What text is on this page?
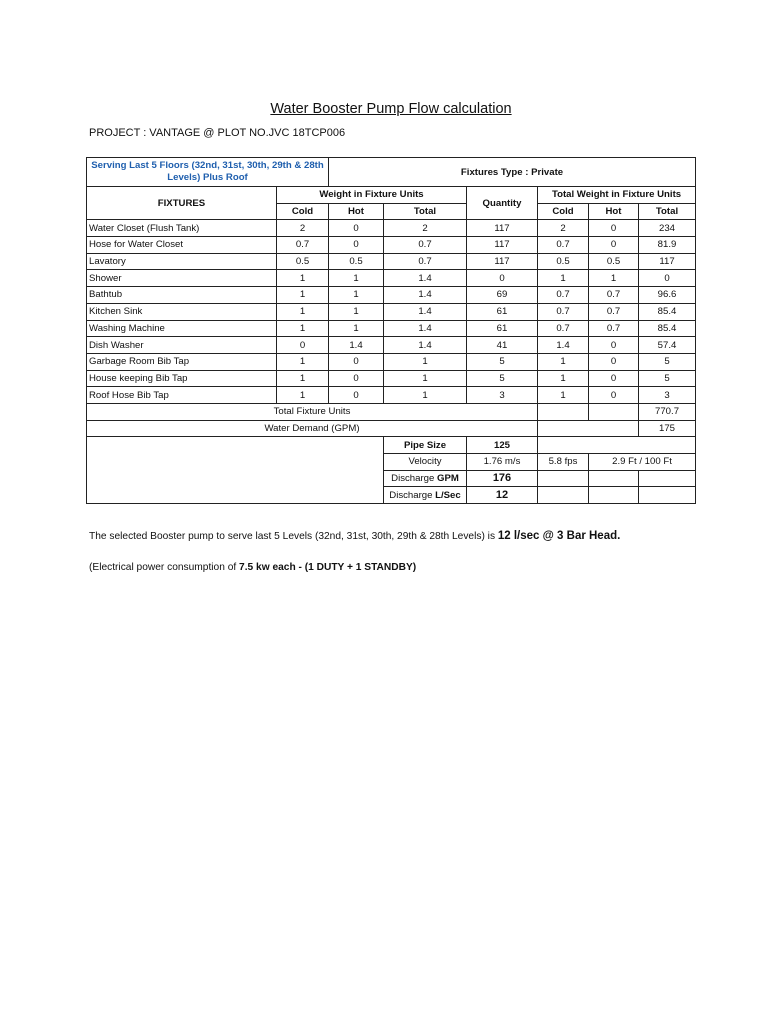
Water Booster Pump Flow calculation
PROJECT : VANTAGE @ PLOT NO.JVC 18TCP006
Serving Last 5 Floors (32nd, 31st, 30th, 29th & 28th Levels) Plus Roof		Fixtures Type : Private					
FIXTURES	Weight in Fixture Units			Quantity	Total Weight in Fixture Units		
	Cold	Hot	Total		Cold	Hot	Total
Water Closet (Flush Tank)	2	0	2	117	2	0	234
Hose for Water Closet	0.7	0	0.7	117	0.7	0	81.9
Lavatory	0.5	0.5	0.7	117	0.5	0.5	117
Shower	1	1	1.4	0	1	1	0
Bathtub	1	1	1.4	69	0.7	0.7	96.6
Kitchen Sink	1	1	1.4	61	0.7	0.7	85.4
Washing Machine	1	1	1.4	61	0.7	0.7	85.4
Dish Washer	0	1.4	1.4	41	1.4	0	57.4
Garbage Room Bib Tap	1	0	1	5	1	0	5
House keeping Bib Tap	1	0	1	5	1	0	5
Roof Hose Bib Tap	1	0	1	3	1	0	3
Total Fixture Units							770.7
Water Demand (GPM)							175
			Pipe Size	125			
			Velocity	1.76 m/s	5.8 fps	2.9 Ft / 100 Ft	
			Discharge GPM	176			
			Discharge L/Sec	12			
The selected Booster pump to serve last 5 Levels (32nd, 31st, 30th, 29th & 28th Levels) is 12 l/sec @ 3 Bar Head.
(Electrical power consumption of 7.5 kw each - (1 DUTY + 1 STANDBY)
